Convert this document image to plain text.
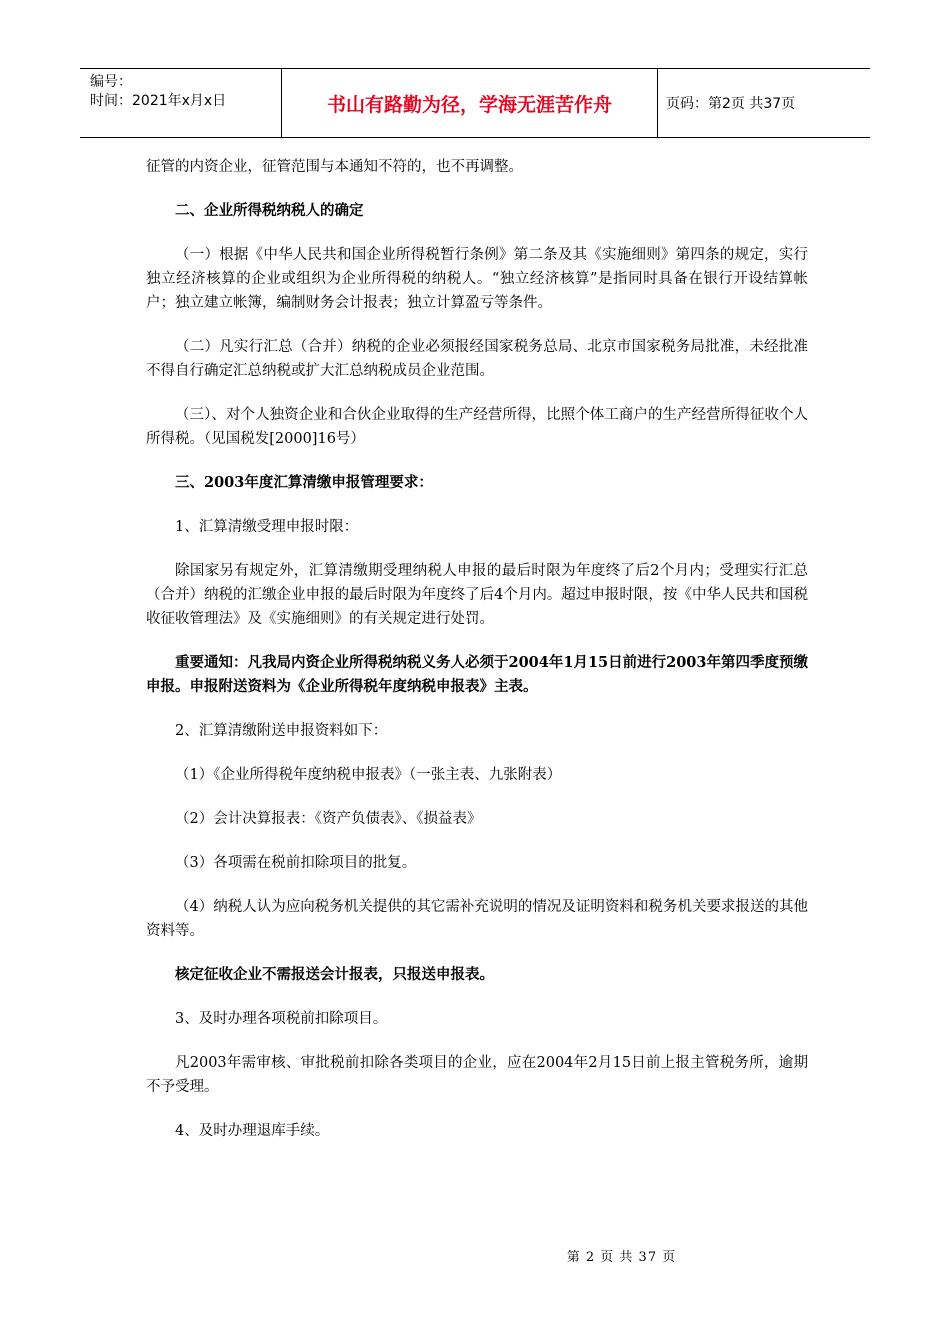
编号：
时间：2021年x月x日	书山有路勤为径，学海无涯苦作舟	页码：第2页 共37页

征管的内资企业，征管范围与本通知不符的，也不再调整。

二、企业所得税纳税人的确定

（一）根据《中华人民共和国企业所得税暂行条例》第二条及其《实施细则》第四条的规定，实行独立经济核算的企业或组织为企业所得税的纳税人。“独立经济核算”是指同时具备在银行开设结算帐户；独立建立帐簿，编制财务会计报表；独立计算盈亏等条件。

（二）凡实行汇总（合并）纳税的企业必须报经国家税务总局、北京市国家税务局批准，未经批准不得自行确定汇总纳税或扩大汇总纳税成员企业范围。

（三）、对个人独资企业和合伙企业取得的生产经营所得，比照个体工商户的生产经营所得征收个人所得税。（见国税发[2000]16号）

三、2003年度汇算清缴申报管理要求：

1、汇算清缴受理申报时限：

除国家另有规定外，汇算清缴期受理纳税人申报的最后时限为年度终了后2个月内；受理实行汇总（合并）纳税的汇缴企业申报的最后时限为年度终了后4个月内。超过申报时限，按《中华人民共和国税收征收管理法》及《实施细则》的有关规定进行处罚。

重要通知：凡我局内资企业所得税纳税义务人必须于2004年1月15日前进行2003年第四季度预缴申报。申报附送资料为《企业所得税年度纳税申报表》主表。

2、汇算清缴附送申报资料如下：

（1）《企业所得税年度纳税申报表》（一张主表、九张附表）

（2）会计决算报表：《资产负债表》、《损益表》

（3）各项需在税前扣除项目的批复。

（4）纳税人认为应向税务机关提供的其它需补充说明的情况及证明资料和税务机关要求报送的其他资料等。

核定征收企业不需报送会计报表，只报送申报表。

3、及时办理各项税前扣除项目。

凡2003年需审核、审批税前扣除各类项目的企业，应在2004年2月15日前上报主管税务所，逾期不予受理。

4、及时办理退库手续。

第 2 页 共 37 页
